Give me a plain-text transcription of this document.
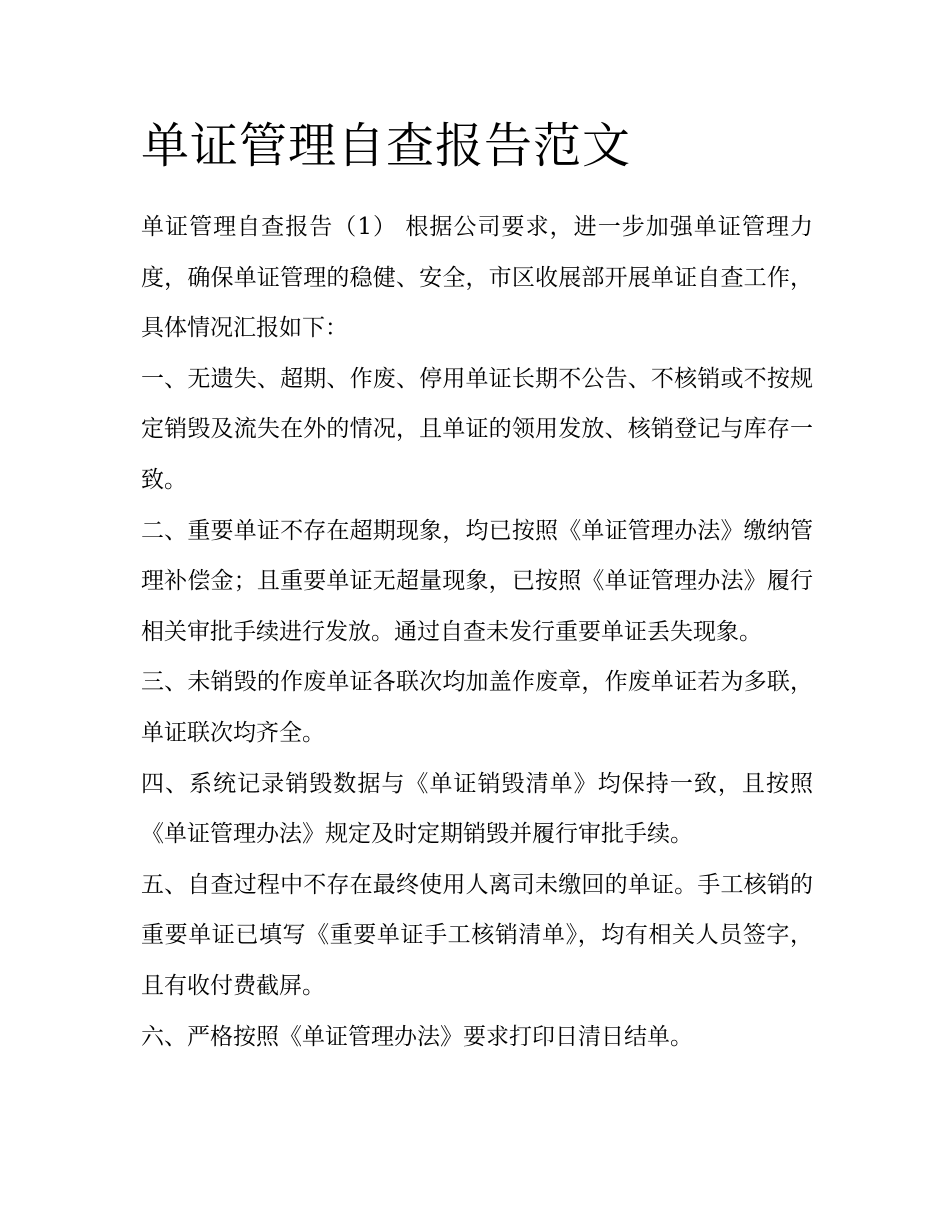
单证管理自查报告范文

单证管理自查报告（1） 根据公司要求，进一步加强单证管理力度，确保单证管理的稳健、安全，市区收展部开展单证自查工作，具体情况汇报如下：

一、无遗失、超期、作废、停用单证长期不公告、不核销或不按规定销毁及流失在外的情况，且单证的领用发放、核销登记与库存一致。

二、重要单证不存在超期现象，均已按照《单证管理办法》缴纳管理补偿金；且重要单证无超量现象，已按照《单证管理办法》履行相关审批手续进行发放。通过自查未发行重要单证丢失现象。

三、未销毁的作废单证各联次均加盖作废章，作废单证若为多联，单证联次均齐全。

四、系统记录销毁数据与《单证销毁清单》均保持一致，且按照《单证管理办法》规定及时定期销毁并履行审批手续。

五、自查过程中不存在最终使用人离司未缴回的单证。手工核销的重要单证已填写《重要单证手工核销清单》，均有相关人员签字，且有收付费截屏。

六、严格按照《单证管理办法》要求打印日清日结单。
